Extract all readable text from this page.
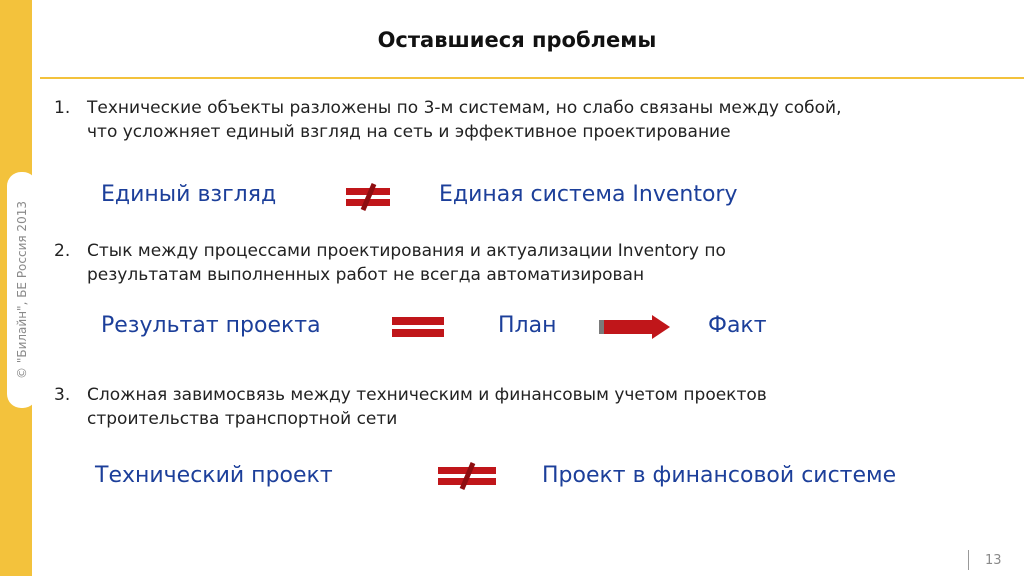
© "Билайн", БЕ Россия 2013
Оставшиеся проблемы
1. Технические объекты разложены по 3-м системам, но слабо связаны между собой,
что усложняет единый взгляд на сеть и эффективное проектирование
Единый взгляд	Единая система Inventory
2. Стык между процессами проектирования и актуализации Inventory по
результатам выполненных работ не всегда автоматизирован
Результат проекта	План	Факт
3. Сложная завимосвязь между техническим и финансовым учетом проектов
строительства транспортной сети
Технический проект	Проект в финансовой системе
13
